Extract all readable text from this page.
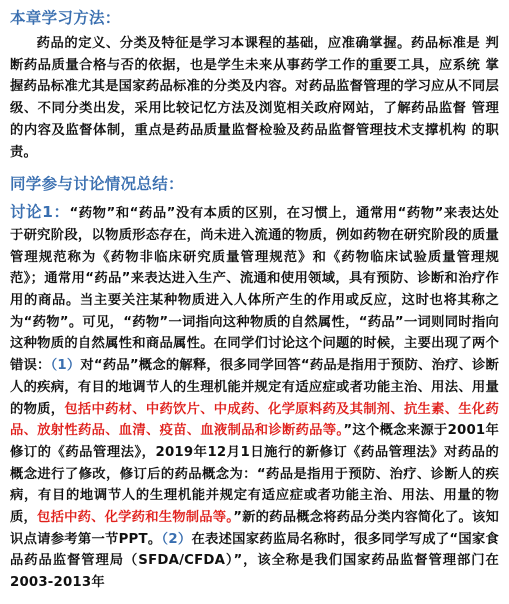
本章学习方法：

药品的定义、分类及特征是学习本课程的基础，应准确掌握。药品标准是 判断药品质量合格与否的依据，也是学生未来从事药学工作的重要工具，应系统 掌握药品标准尤其是国家药品标准的分类及内容。对药品监督管理的学习应从不同层级、不同分类出发，采用比较记忆方法及浏览相关政府网站，了解药品监督 管理的内容及监督体制，重点是药品质量监督检验及药品监督管理技术支撑机构 的职责。

同学参与讨论情况总结：

讨论1：“药物”和“药品”没有本质的区别，在习惯上，通常用“药物”来表达处于研究阶段，以物质形态存在，尚未进入流通的物质，例如药物在研究阶段的质量管理规范称为《药物非临床研究质量管理规范》和《药物临床试验质量管理规范》；通常用“药品”来表达进入生产、流通和使用领域，具有预防、诊断和治疗作用的商品。当主要关注某种物质进入人体所产生的作用或反应，这时也将其称之为“药物”。可见，“药物”一词指向这种物质的自然属性，“药品”一词则同时指向这种物质的自然属性和商品属性。在同学们讨论这个问题的时候，主要出现了两个错误：（1）对“药品”概念的解释，很多同学回答“药品是指用于预防、治疗、诊断人的疾病，有目的地调节人的生理机能并规定有适应症或者功能主治、用法、用量的物质，包括中药材、中药饮片、中成药、化学原料药及其制剂、抗生素、生化药品、放射性药品、血清、疫苗、血液制品和诊断药品等。”这个概念来源于2001年修订的《药品管理法》，2019年12月1日施行的新修订《药品管理法》对药品的概念进行了修改，修订后的药品概念为：“药品是指用于预防、治疗、诊断人的疾病，有目的地调节人的生理机能并规定有适应症或者功能主治、用法、用量的物质，包括中药、化学药和生物制品等。”新的药品概念将药品分类内容简化了。该知识点请参考第一节PPT。（2）在表述国家药监局名称时，很多同学写成了“国家食品药品监督管理局（SFDA/CFDA）”，该全称是我们国家药品监督管理部门在2003-2013年
